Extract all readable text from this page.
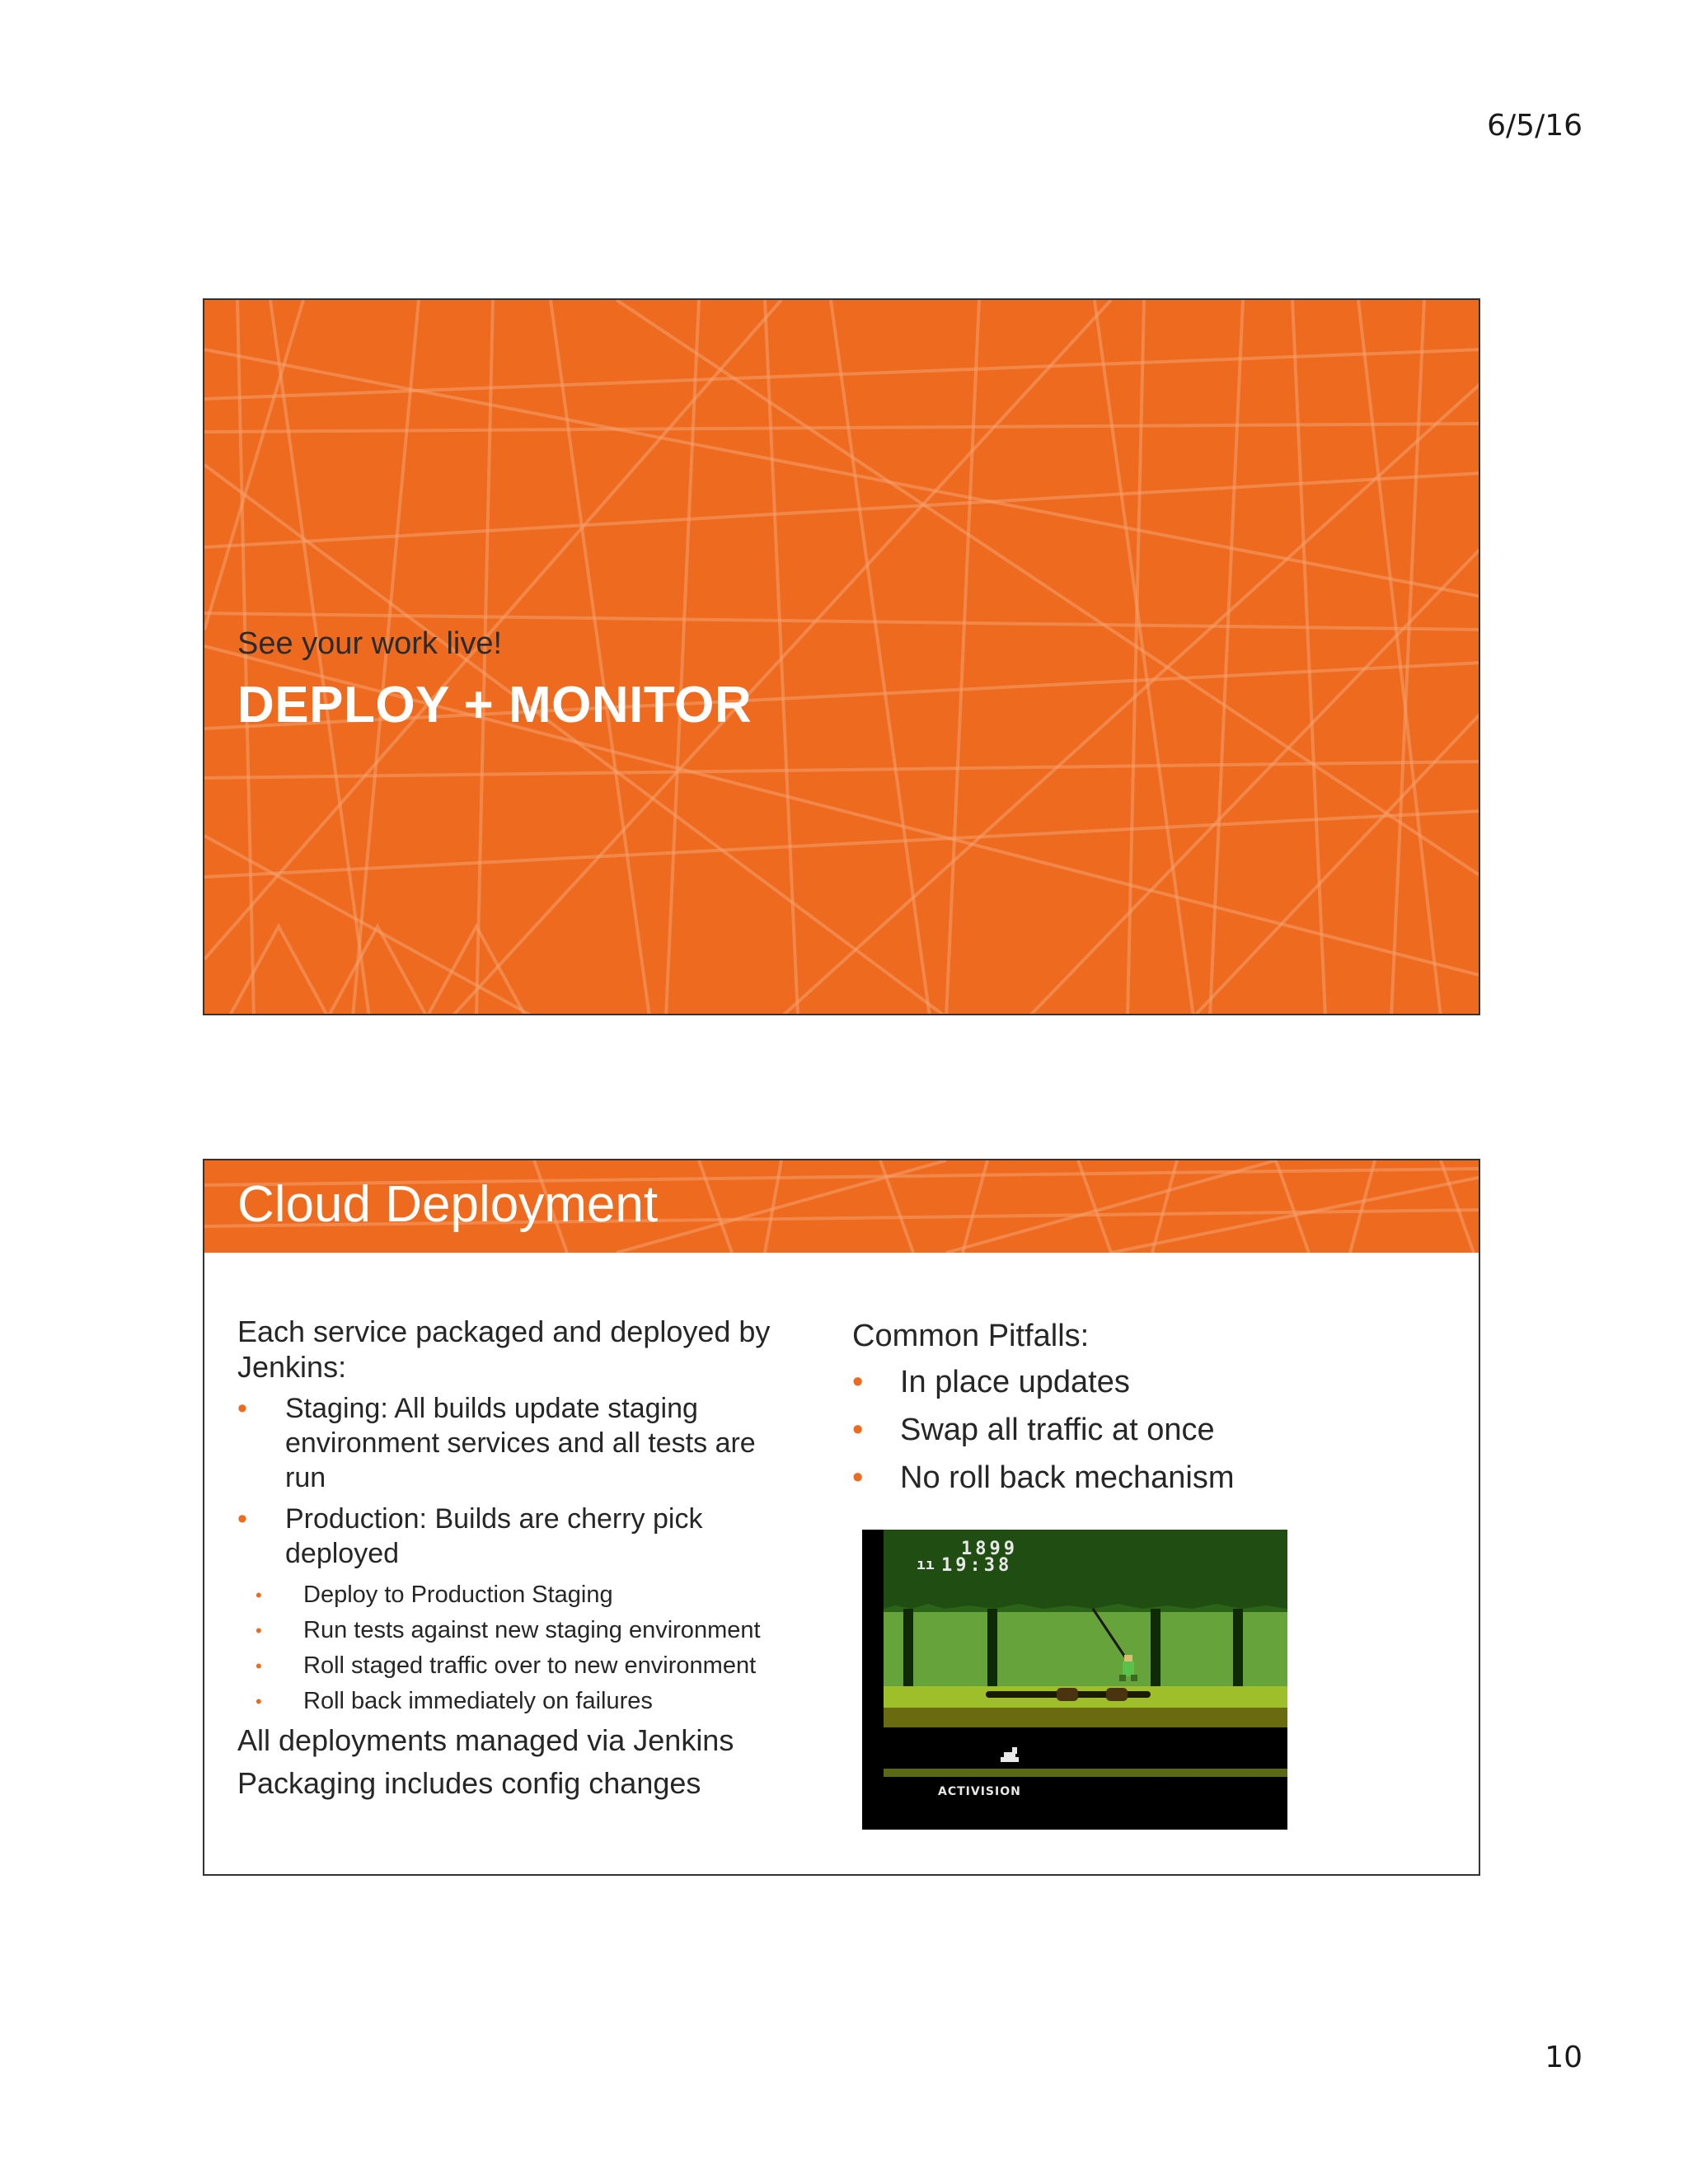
6/5/16
See your work live!
DEPLOY + MONITOR
Cloud Deployment
Each service packaged and deployed by Jenkins:
• Staging: All builds update staging environment services and all tests are run
• Production: Builds are cherry pick deployed
• Deploy to Production Staging
• Run tests against new staging environment
• Roll staged traffic over to new environment
• Roll back immediately on failures
All deployments managed via Jenkins
Packaging includes config changes
Common Pitfalls:
• In place updates
• Swap all traffic at once
• No roll back mechanism
1899
ıı 19:38
ACTIVISION
10
